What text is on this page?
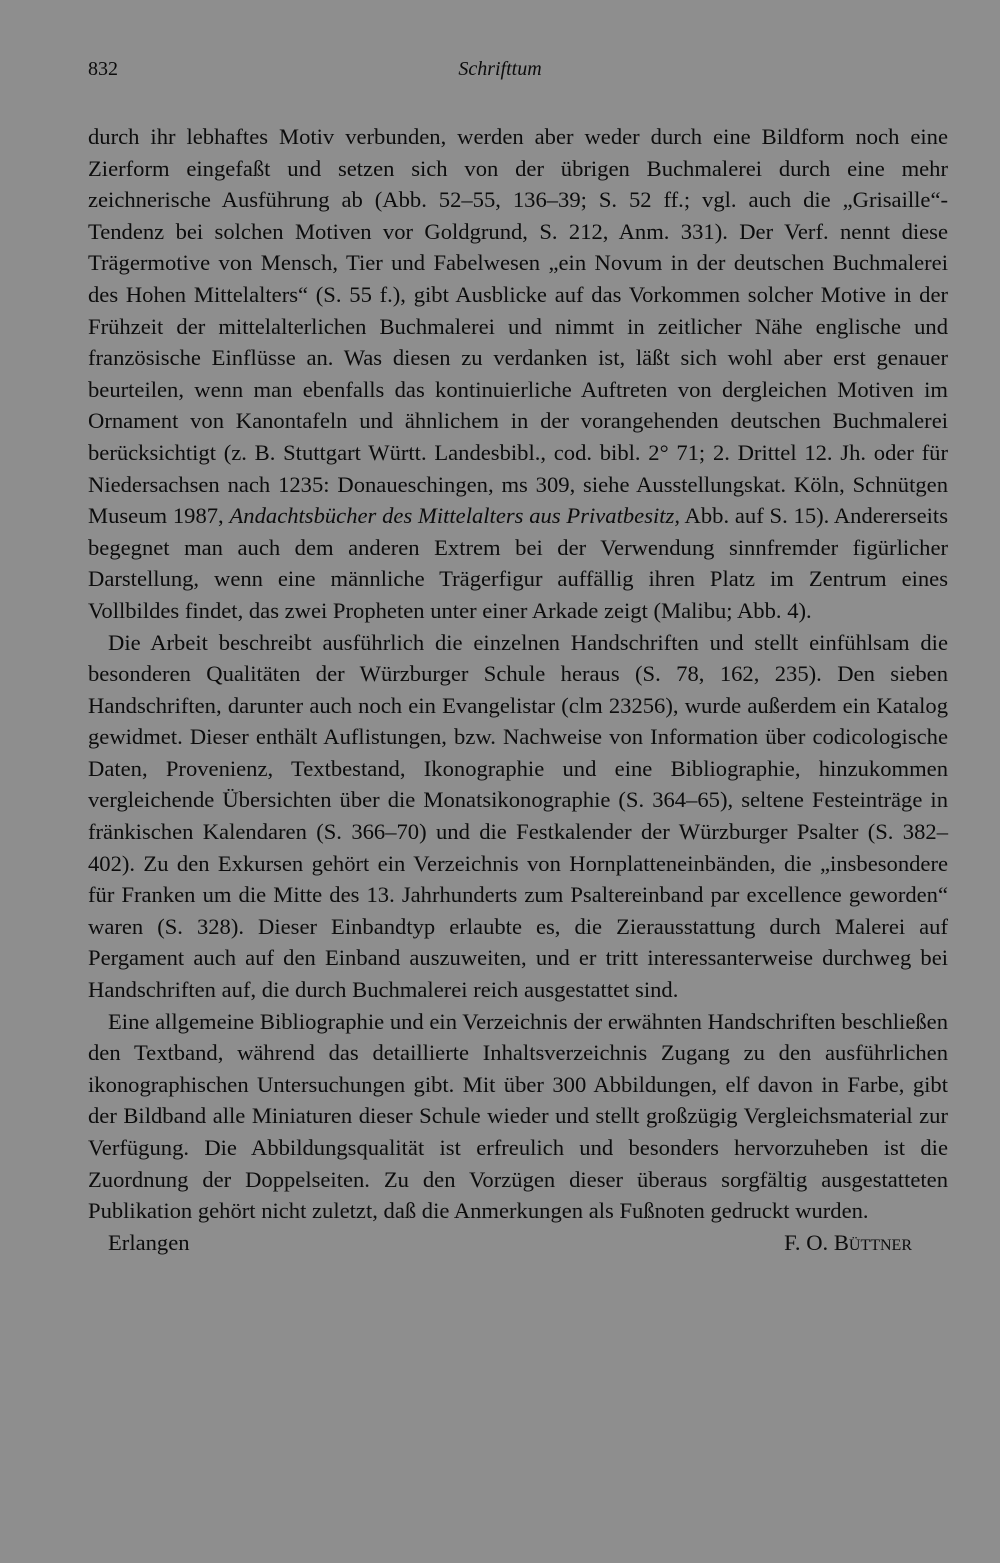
832	Schrifttum

durch ihr lebhaftes Motiv verbunden, werden aber weder durch eine Bildform noch eine Zierform eingefaßt und setzen sich von der übrigen Buchmalerei durch eine mehr zeichnerische Ausführung ab (Abb. 52–55, 136–39; S. 52 ff.; vgl. auch die „Grisaille“-Tendenz bei solchen Motiven vor Goldgrund, S. 212, Anm. 331). Der Verf. nennt diese Trägermotive von Mensch, Tier und Fabelwesen „ein Novum in der deutschen Buchmalerei des Hohen Mittelalters“ (S. 55 f.), gibt Ausblicke auf das Vorkommen solcher Motive in der Frühzeit der mittelalterlichen Buchmalerei und nimmt in zeitlicher Nähe englische und französische Einflüsse an. Was diesen zu verdanken ist, läßt sich wohl aber erst genauer beurteilen, wenn man ebenfalls das kontinuierliche Auftreten von dergleichen Motiven im Ornament von Kanontafeln und ähnlichem in der vorangehenden deutschen Buchmalerei berücksichtigt (z. B. Stuttgart Württ. Landesbibl., cod. bibl. 2° 71; 2. Drittel 12. Jh. oder für Niedersachsen nach 1235: Donaueschingen, ms 309, siehe Ausstellungskat. Köln, Schnütgen Museum 1987, Andachtsbücher des Mittelalters aus Privatbesitz, Abb. auf S. 15). Andererseits begegnet man auch dem anderen Extrem bei der Verwendung sinnfremder figürlicher Darstellung, wenn eine männliche Trägerfigur auffällig ihren Platz im Zentrum eines Vollbildes findet, das zwei Propheten unter einer Arkade zeigt (Malibu; Abb. 4).

Die Arbeit beschreibt ausführlich die einzelnen Handschriften und stellt einfühlsam die besonderen Qualitäten der Würzburger Schule heraus (S. 78, 162, 235). Den sieben Handschriften, darunter auch noch ein Evangelistar (clm 23256), wurde außerdem ein Katalog gewidmet. Dieser enthält Auflistungen, bzw. Nachweise von Information über codicologische Daten, Provenienz, Textbestand, Ikonographie und eine Bibliographie, hinzukommen vergleichende Übersichten über die Monatsikonographie (S. 364–65), seltene Festeinträge in fränkischen Kalendaren (S. 366–70) und die Festkalender der Würzburger Psalter (S. 382–402). Zu den Exkursen gehört ein Verzeichnis von Hornplatteneinbänden, die „insbesondere für Franken um die Mitte des 13. Jahrhunderts zum Psaltereinband par excellence geworden“ waren (S. 328). Dieser Einbandtyp erlaubte es, die Zierausstattung durch Malerei auf Pergament auch auf den Einband auszuweiten, und er tritt interessanterweise durchweg bei Handschriften auf, die durch Buchmalerei reich ausgestattet sind.

Eine allgemeine Bibliographie und ein Verzeichnis der erwähnten Handschriften beschließen den Textband, während das detaillierte Inhaltsverzeichnis Zugang zu den ausführlichen ikonographischen Untersuchungen gibt. Mit über 300 Abbildungen, elf davon in Farbe, gibt der Bildband alle Miniaturen dieser Schule wieder und stellt großzügig Vergleichsmaterial zur Verfügung. Die Abbildungsqualität ist erfreulich und besonders hervorzuheben ist die Zuordnung der Doppelseiten. Zu den Vorzügen dieser überaus sorgfältig ausgestatteten Publikation gehört nicht zuletzt, daß die Anmerkungen als Fußnoten gedruckt wurden.

Erlangen	F. O. Büttner
